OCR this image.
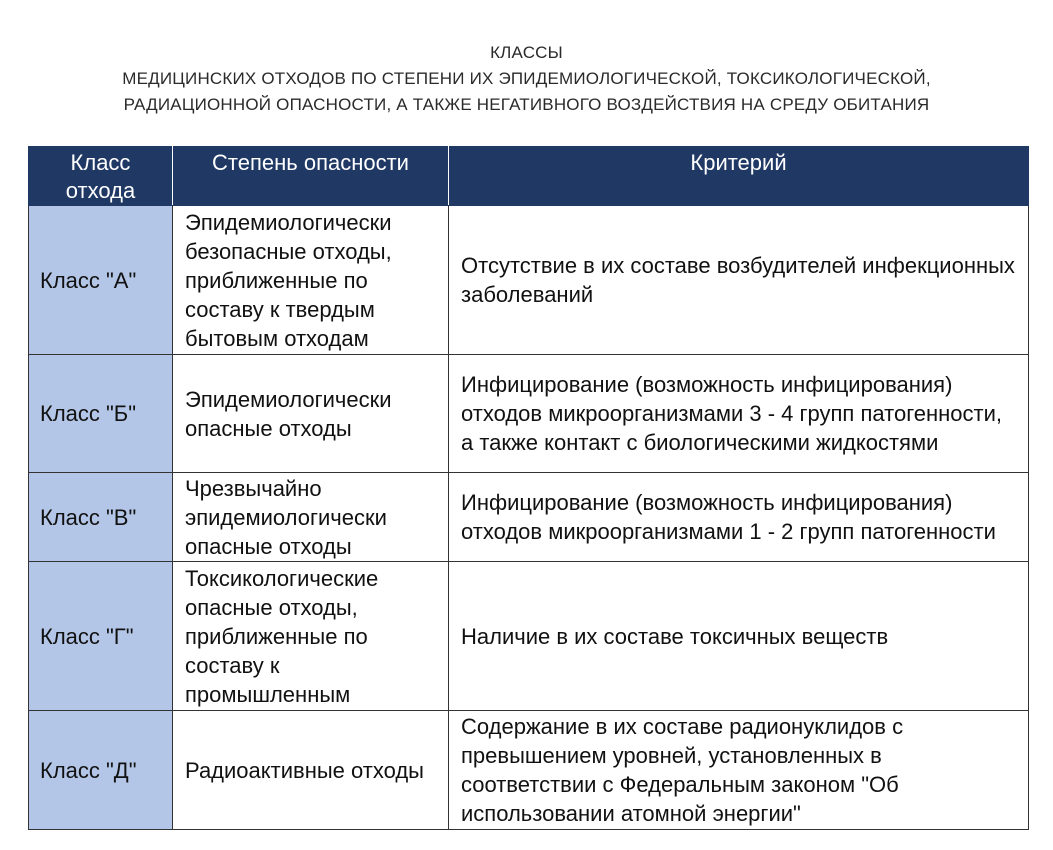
КЛАССЫ
МЕДИЦИНСКИХ ОТХОДОВ ПО СТЕПЕНИ ИХ ЭПИДЕМИОЛОГИЧЕСКОЙ, ТОКСИКОЛОГИЧЕСКОЙ,
РАДИАЦИОННОЙ ОПАСНОСТИ, А ТАКЖЕ НЕГАТИВНОГО ВОЗДЕЙСТВИЯ НА СРЕДУ ОБИТАНИЯ
Класс отхода	Степень опасности	Критерий
Класс "А"	Эпидемиологически безопасные отходы, приближенные по составу к твердым бытовым отходам	Отсутствие в их составе возбудителей инфекционных заболеваний
Класс "Б"	Эпидемиологически опасные отходы	Инфицирование (возможность инфицирования) отходов микроорганизмами 3 - 4 групп патогенности, а также контакт с биологическими жидкостями
Класс "В"	Чрезвычайно эпидемиологически опасные отходы	Инфицирование (возможность инфицирования) отходов микроорганизмами 1 - 2 групп патогенности
Класс "Г"	Токсикологические опасные отходы, приближенные по составу к промышленным	Наличие в их составе токсичных веществ
Класс "Д"	Радиоактивные отходы	Содержание в их составе радионуклидов с превышением уровней, установленных в соответствии с Федеральным законом "Об использовании атомной энергии"
